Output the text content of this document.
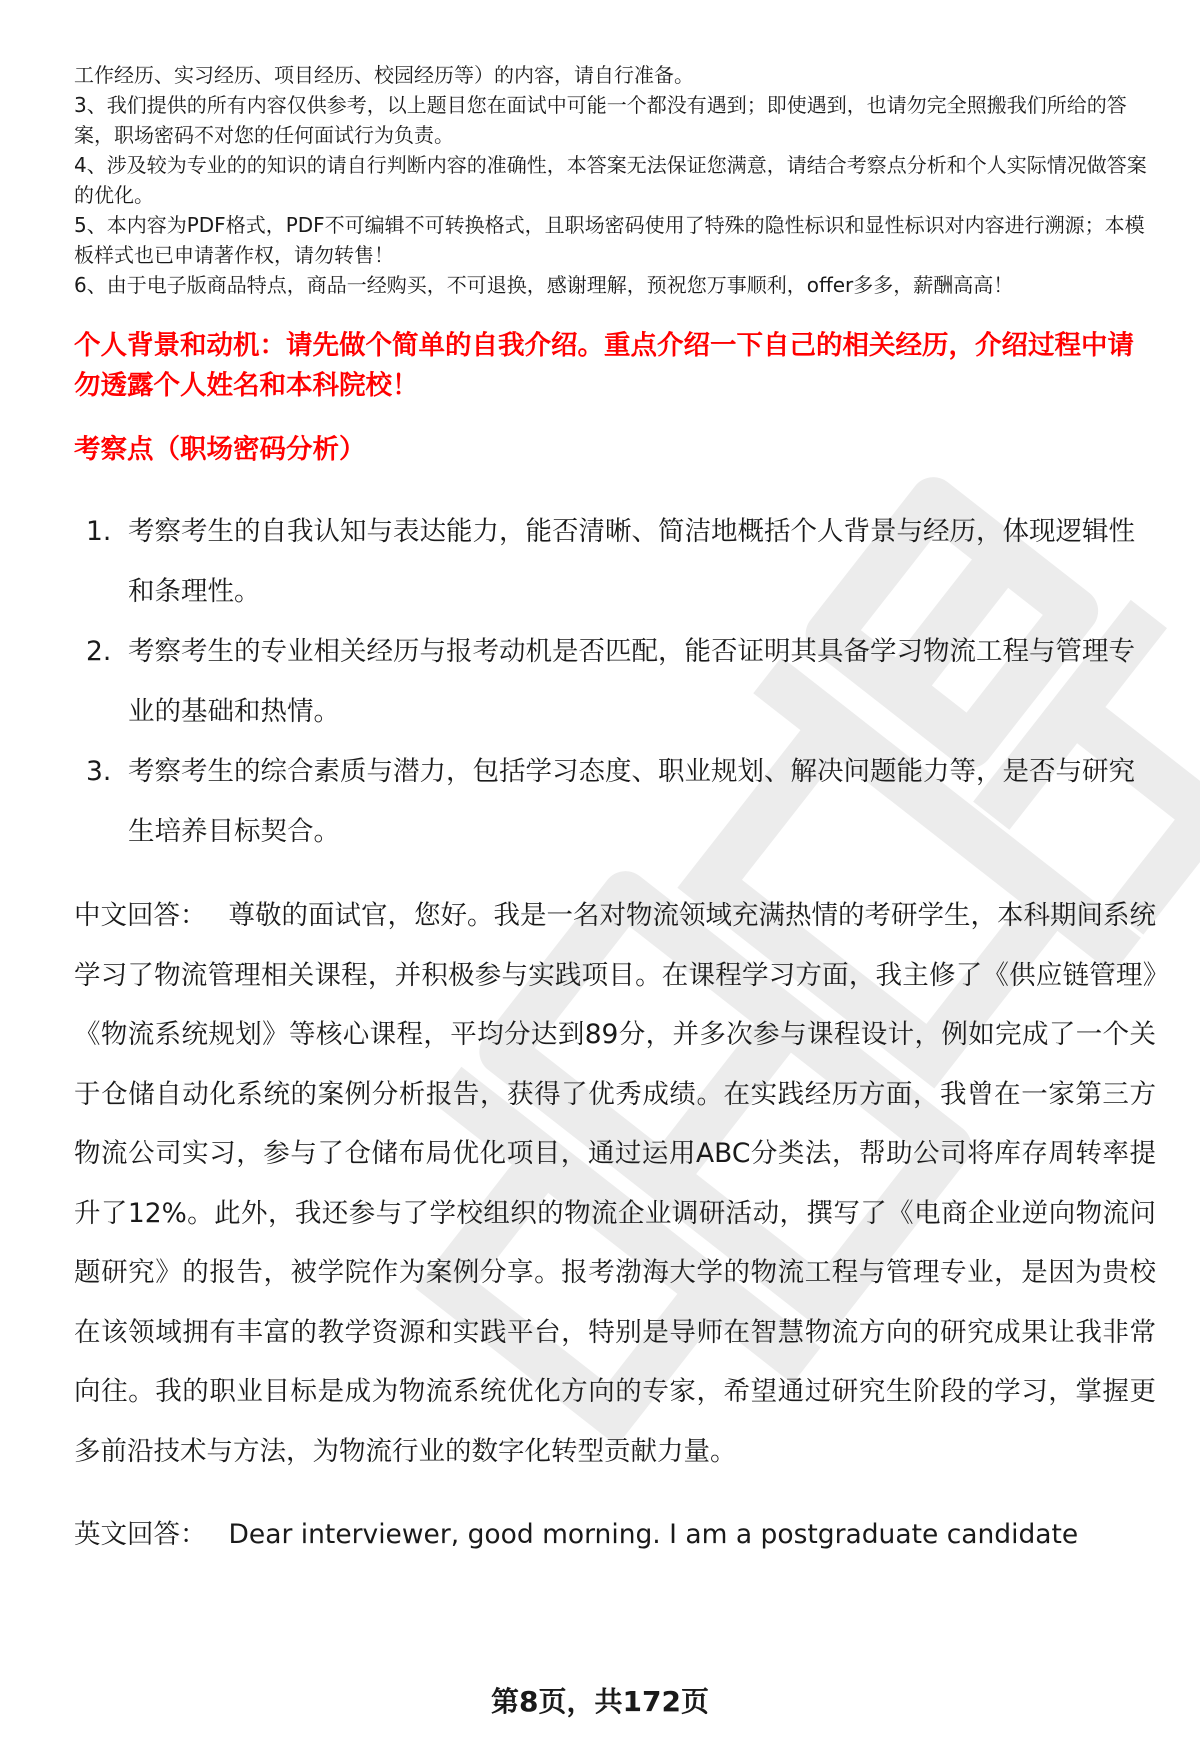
工作经历、实习经历、项目经历、校园经历等）的内容，请自行准备。

3、我们提供的所有内容仅供参考，以上题目您在面试中可能一个都没有遇到；即使遇到，也请勿完全照搬我们所给的答案，职场密码不对您的任何面试行为负责。

4、涉及较为专业的的知识的请自行判断内容的准确性，本答案无法保证您满意，请结合考察点分析和个人实际情况做答案的优化。

5、本内容为PDF格式，PDF不可编辑不可转换格式，且职场密码使用了特殊的隐性标识和显性标识对内容进行溯源；本模板样式也已申请著作权，请勿转售！

6、由于电子版商品特点，商品一经购买，不可退换，感谢理解，预祝您万事顺利，offer多多，薪酬高高！

个人背景和动机：请先做个简单的自我介绍。重点介绍一下自己的相关经历，介绍过程中请勿透露个人姓名和本科院校！

考察点（职场密码分析）

1. 考察考生的自我认知与表达能力，能否清晰、简洁地概括个人背景与经历，体现逻辑性和条理性。
2. 考察考生的专业相关经历与报考动机是否匹配，能否证明其具备学习物流工程与管理专业的基础和热情。
3. 考察考生的综合素质与潜力，包括学习态度、职业规划、解决问题能力等，是否与研究生培养目标契合。

中文回答： 尊敬的面试官，您好。我是一名对物流领域充满热情的考研学生，本科期间系统学习了物流管理相关课程，并积极参与实践项目。在课程学习方面，我主修了《供应链管理》《物流系统规划》等核心课程，平均分达到89分，并多次参与课程设计，例如完成了一个关于仓储自动化系统的案例分析报告，获得了优秀成绩。在实践经历方面，我曾在一家第三方物流公司实习，参与了仓储布局优化项目，通过运用ABC分类法，帮助公司将库存周转率提升了12%。此外，我还参与了学校组织的物流企业调研活动，撰写了《电商企业逆向物流问题研究》的报告，被学院作为案例分享。报考渤海大学的物流工程与管理专业，是因为贵校在该领域拥有丰富的教学资源和实践平台，特别是导师在智慧物流方向的研究成果让我非常向往。我的职业目标是成为物流系统优化方向的专家，希望通过研究生阶段的学习，掌握更多前沿技术与方法，为物流行业的数字化转型贡献力量。

英文回答： Dear interviewer, good morning. I am a postgraduate candidate

第8页，共172页
